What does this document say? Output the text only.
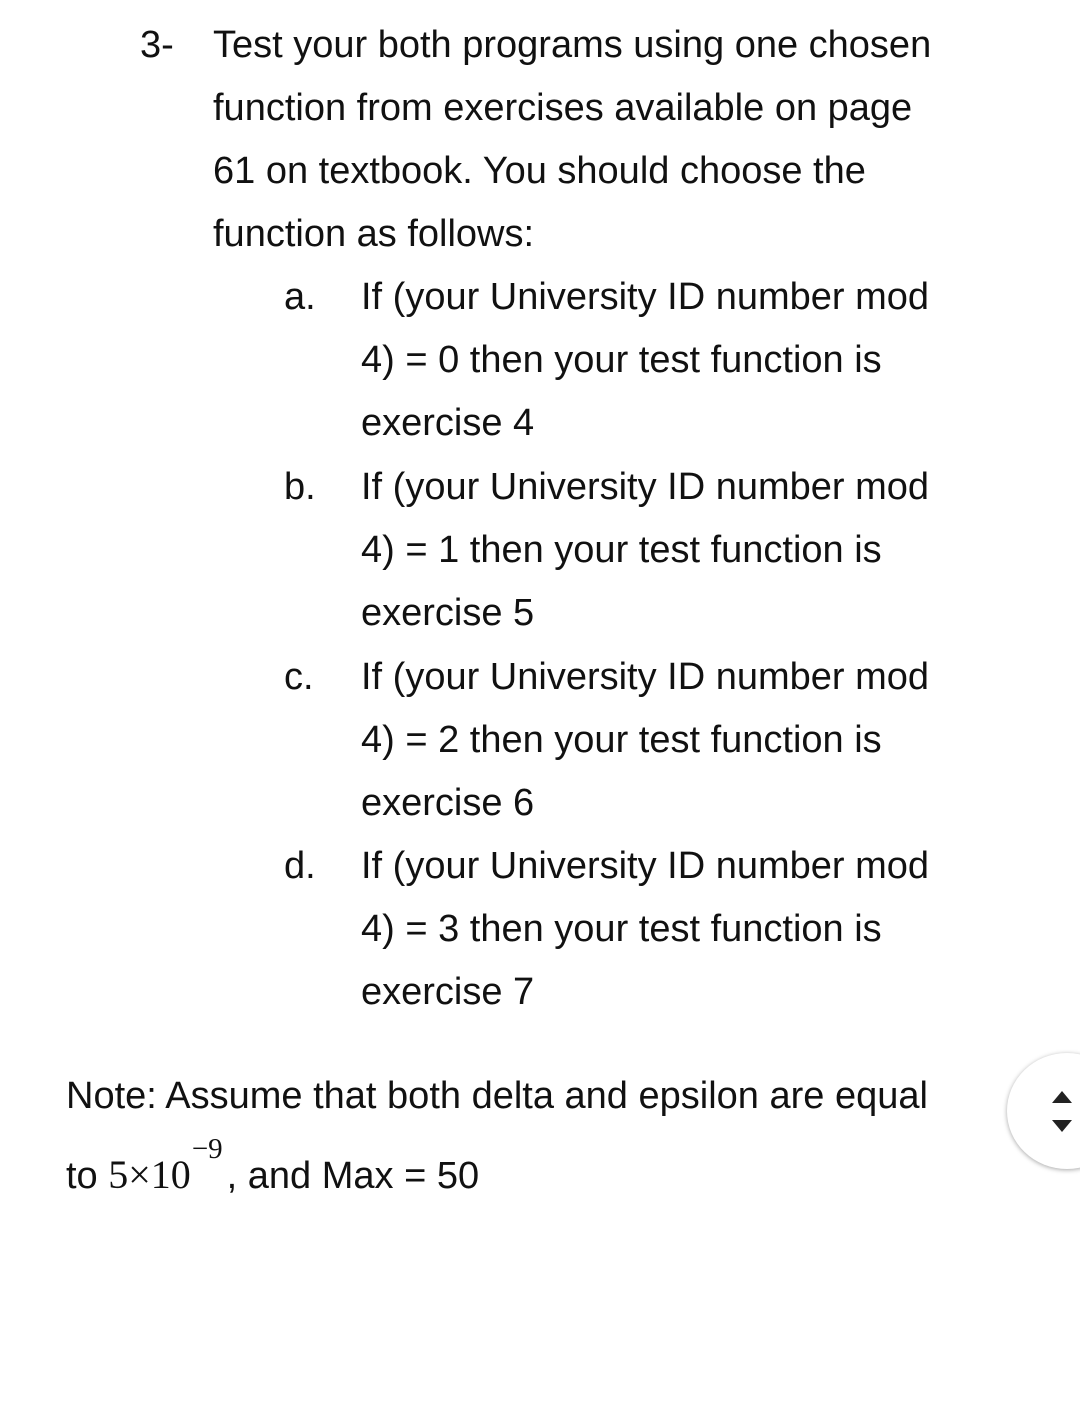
3- Test your both programs using one chosen
function from exercises available on page
61 on textbook. You should choose the
function as follows:
a. If (your University ID number mod
4) = 0 then your test function is
exercise 4
b. If (your University ID number mod
4) = 1 then your test function is
exercise 5
c. If (your University ID number mod
4) = 2 then your test function is
exercise 6
d. If (your University ID number mod
4) = 3 then your test function is
exercise 7
Note: Assume that both delta and epsilon are equal
to $5\times 10^{-9}$, and Max = 50
